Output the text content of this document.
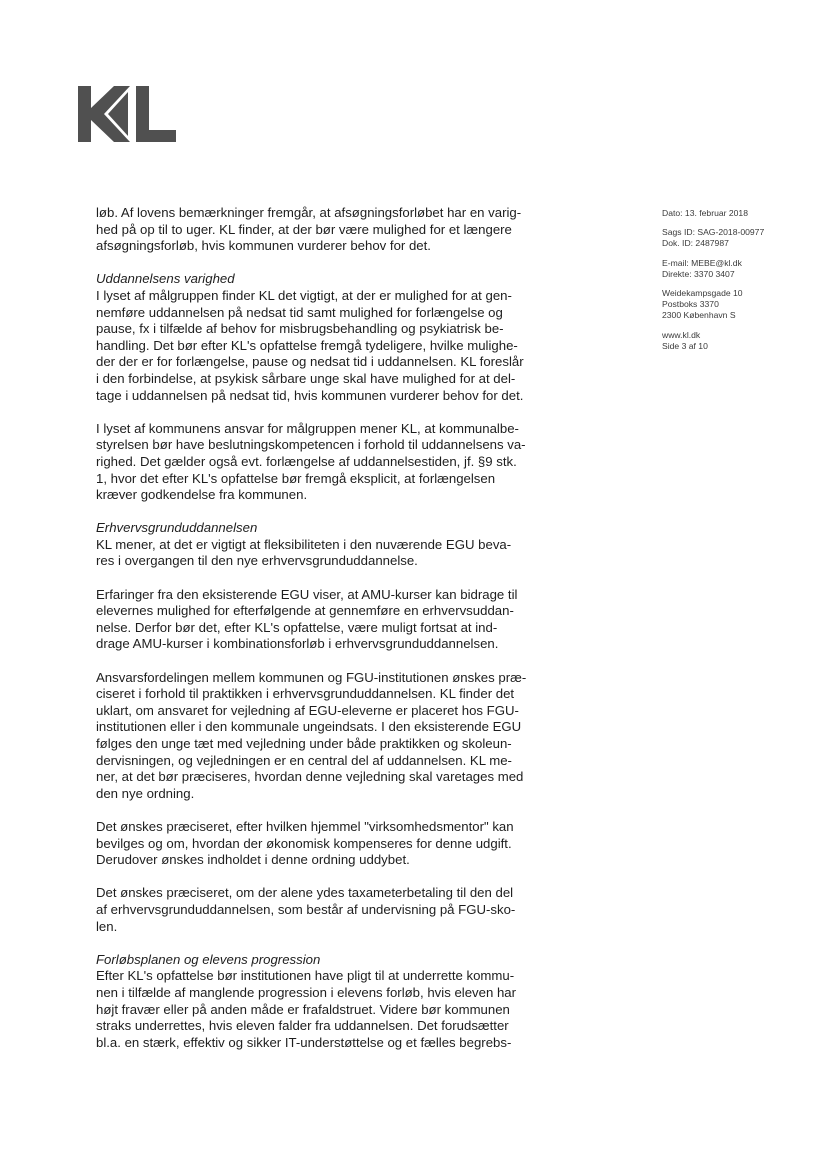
Dato: 13. februar 2018
Sags ID: SAG-2018-00977
Dok. ID: 2487987
E-mail: MEBE@kl.dk
Direkte: 3370 3407
Weidekampsgade 10
Postboks 3370
2300 København S
www.kl.dk
Side 3 af 10

løb. Af lovens bemærkninger fremgår, at afsøgningsforløbet har en varig-
hed på op til to uger. KL finder, at der bør være mulighed for et længere
afsøgningsforløb, hvis kommunen vurderer behov for det.

Uddannelsens varighed

I lyset af målgruppen finder KL det vigtigt, at der er mulighed for at gen-
nemføre uddannelsen på nedsat tid samt mulighed for forlængelse og
pause, fx i tilfælde af behov for misbrugsbehandling og psykiatrisk be-
handling. Det bør efter KL's opfattelse fremgå tydeligere, hvilke mulighe-
der der er for forlængelse, pause og nedsat tid i uddannelsen. KL foreslår
i den forbindelse, at psykisk sårbare unge skal have mulighed for at del-
tage i uddannelsen på nedsat tid, hvis kommunen vurderer behov for det.

I lyset af kommunens ansvar for målgruppen mener KL, at kommunalbe-
styrelsen bør have beslutningskompetencen i forhold til uddannelsens va-
righed. Det gælder også evt. forlængelse af uddannelsestiden, jf. §9 stk.
1, hvor det efter KL's opfattelse bør fremgå eksplicit, at forlængelsen
kræver godkendelse fra kommunen.

Erhvervsgrunduddannelsen

KL mener, at det er vigtigt at fleksibiliteten i den nuværende EGU beva-
res i overgangen til den nye erhvervsgrunduddannelse.

Erfaringer fra den eksisterende EGU viser, at AMU-kurser kan bidrage til
elevernes mulighed for efterfølgende at gennemføre en erhvervsuddan-
nelse. Derfor bør det, efter KL's opfattelse, være muligt fortsat at ind-
drage AMU-kurser i kombinationsforløb i erhvervsgrunduddannelsen.

Ansvarsfordelingen mellem kommunen og FGU-institutionen ønskes præ-
ciseret i forhold til praktikken i erhvervsgrunduddannelsen. KL finder det
uklart, om ansvaret for vejledning af EGU-eleverne er placeret hos FGU-
institutionen eller i den kommunale ungeindsats. I den eksisterende EGU
følges den unge tæt med vejledning under både praktikken og skoleun-
dervisningen, og vejledningen er en central del af uddannelsen. KL me-
ner, at det bør præciseres, hvordan denne vejledning skal varetages med
den nye ordning.

Det ønskes præciseret, efter hvilken hjemmel "virksomhedsmentor" kan
bevilges og om, hvordan der økonomisk kompenseres for denne udgift.
Derudover ønskes indholdet i denne ordning uddybet.

Det ønskes præciseret, om der alene ydes taxameterbetaling til den del
af erhvervsgrunduddannelsen, som består af undervisning på FGU-sko-
len.

Forløbsplanen og elevens progression

Efter KL's opfattelse bør institutionen have pligt til at underrette kommu-
nen i tilfælde af manglende progression i elevens forløb, hvis eleven har
højt fravær eller på anden måde er frafaldstruet. Videre bør kommunen
straks underrettes, hvis eleven falder fra uddannelsen. Det forudsætter
bl.a. en stærk, effektiv og sikker IT-understøttelse og et fælles begrebs-
